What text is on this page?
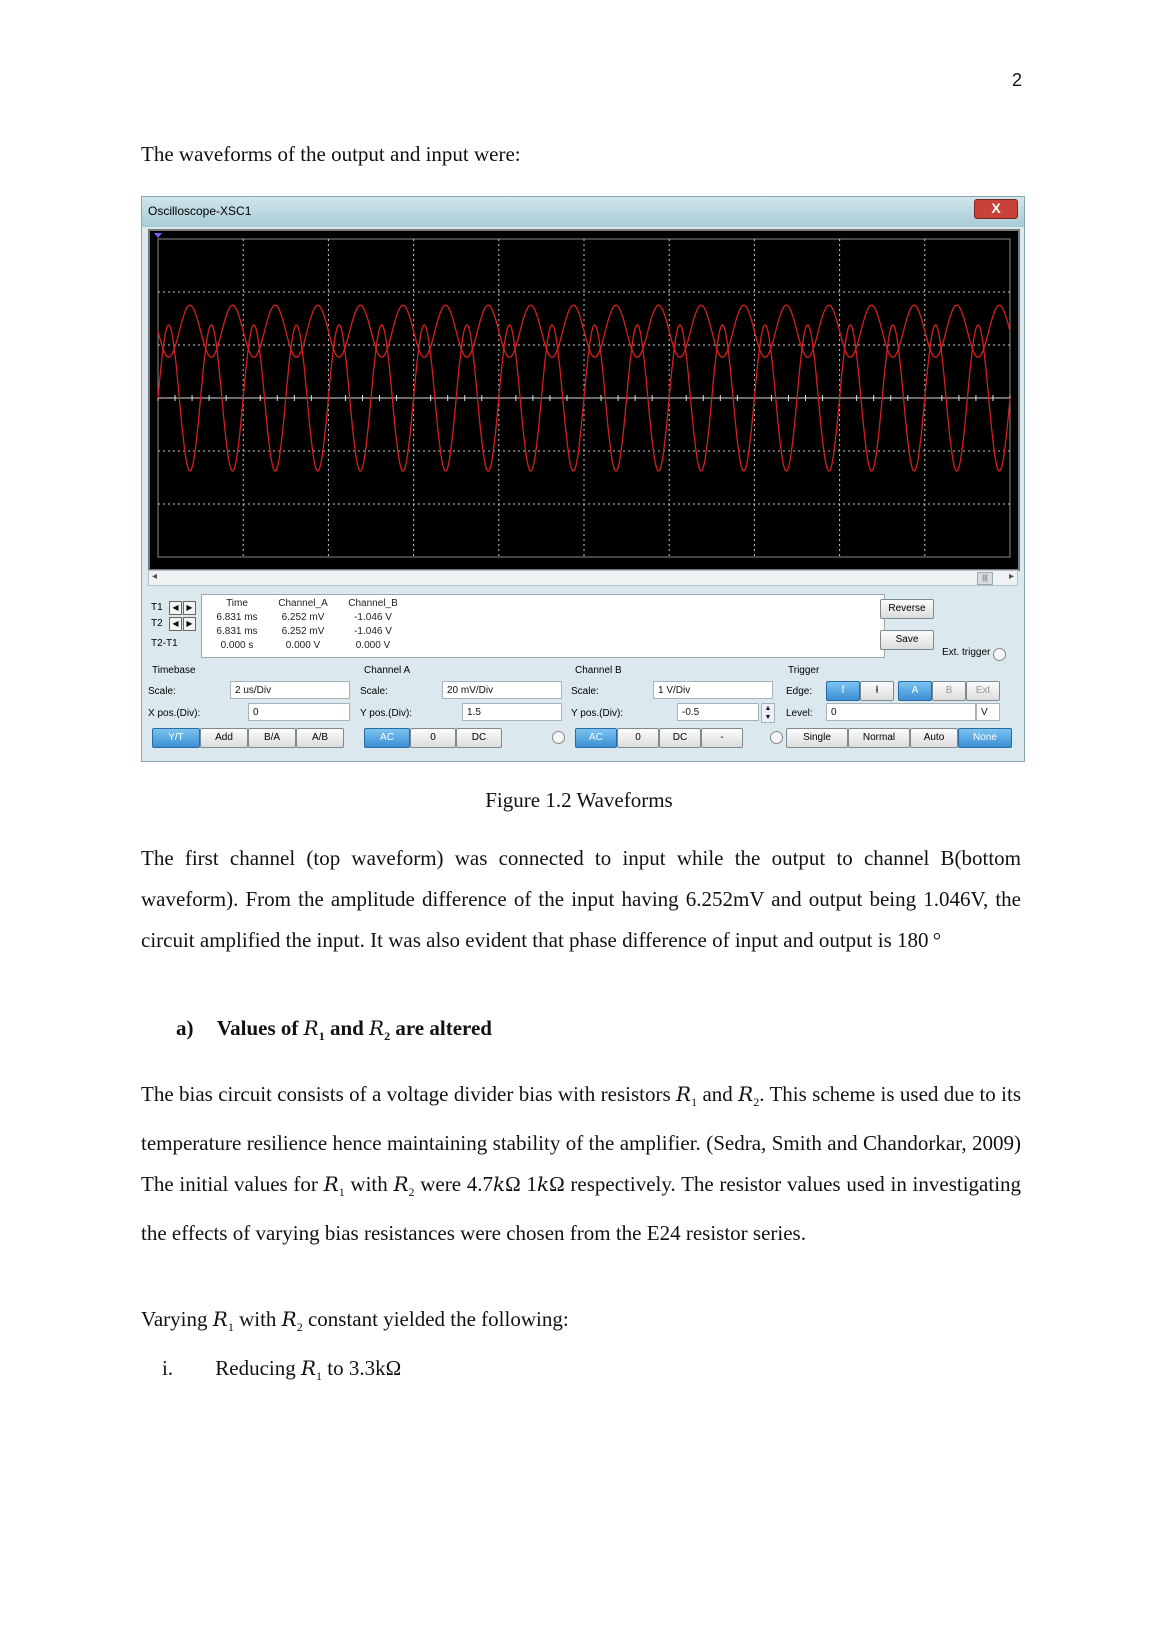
2
The waveforms of the output and input were:
Oscilloscope-XSC1	X
◂	|||	▸
T1
T2
T2-T1
◀ ▶
◀ ▶
Time	Channel_A	Channel_B
6.831 ms	6.252 mV	-1.046 V
6.831 ms	6.252 mV	-1.046 V
0.000 s	0.000 V	0.000 V
Reverse
Save
Ext. trigger
Timebase
Scale:	2 us/Div
X pos.(Div):	0
Y/T	Add	B/A	A/B
Channel A
Scale:	20 mV/Div
Y pos.(Div):	1.5
AC	0	DC
Channel B
Scale:	1 V/Div
Y pos.(Div):	-0.5	▲
▼
AC	0	DC	-
Trigger
Edge:	f	ł	A	B	Ext
Level:	0	V
Single	Normal	Auto	None
Figure 1.2 Waveforms
The first channel (top waveform) was connected to input while the output to channel B(bottom waveform). From the amplitude difference of the input having 6.252mV and output being 1.046V, the circuit amplified the input. It was also evident that phase difference of input and output is 180 °
a) Values of $R_1$ and $R_2$ are altered
The bias circuit consists of a voltage divider bias with resistors $R_1$ and $R_2$. This scheme is used due to its temperature resilience hence maintaining stability of the amplifier. (Sedra, Smith and Chandorkar, 2009) The initial values for $R_1$ with $R_2$ were 4.7kΩ 1kΩ respectively. The resistor values used in investigating the effects of varying bias resistances were chosen from the E24 resistor series.
Varying $R_1$ with $R_2$ constant yielded the following:
i. Reducing $R_1$ to 3.3kΩ
